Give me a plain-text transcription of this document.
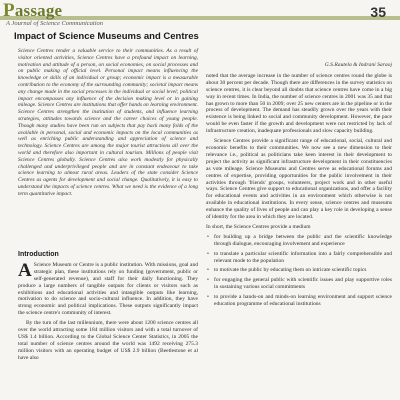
Passage	35
A Journal of Science Communication
Impact of Science Museums and Centres
Science Centres render a valuable service to their communities. As a result of visitor oriented activities, Science Centres have a profound impact on learning, motivation and attitude of a person, on social economies, on social processes and on public making of official level. Personal impact means influencing the knowledge or skills of an individual or group; economic impact is a measurable contribution to the economy of the surrounding community; societal impact means any change made in the social processes in the individual or social level; political impact encompasses any influence of the decision making level or in gaining mileage. Science Centres are institutions that offer hands on learning environment. Science Centres strengthen the institution of students, and influence learning strategies, attitudes towards science and the career choices of young people. Though many studies have been run on subjects that pay back many folds of the available in personal, social and economic impacts on the local communities as well as enriching public understanding and appreciation of science and technology. Science Centres are among the major tourist attractions all over the world and therefore also important in cultural tourism. Millions of people visit Science Centres globally. Science Centres also work modestly for physically challenged and underprivileged people and are in constant endeavour to take science learning to almost rural areas. Leaders of the state consider Science Centres as agents for development and social change. Qualitatively, it is easy to understand the impacts of science centres. What we need is the evidence of a long term quantitative impact.
Introduction

A Science Museum or Centre is a public institution. With missions, goal and strategic plan, these institutions rely on funding (government, public or self-generated revenue), and staff for their daily functioning. They produce a large numbers of tangible outputs for clients or visitors such as exhibitions and educational activities and intangible outputs like learning, motivation to do science and socio-cultural influence. In addition, they have strong economic and political implications. These outputs significantly impact the science centre's community of interest.

By the turn of the last millennium, there were about 1200 science centres all over the world attracting some 184 million visitors and with a total turnover of US$ 1.4 billion. According to the Global Science Center Statistics, in 2005 the total number of science centres around the world was 1492 receiving 275.3 million visitors with an operating budget of US$ 2.9 billion (Beetlestone et al have also

G.S.Rautela & Indrani Saraoj

noted that the average increase in the number of science centres round the globe is about 30 percent per decade. Though there are differences in the survey statistics on science centres, it is clear beyond all doubts that science centres have come in a big way in recent times. In India, the number of science centres in 2001 was 35 and that has grown to more than 50 in 2009; over 25 new centers are in the pipeline or in the process of development. The demand has steadily grown over the years with their existence is being linked to social and community development. However, the pace would be even faster if the growth and development were not restricted by lack of infrastructure creation, inadequate professionals and slow capacity building.

Science Centres provide a significant range of educational, social, cultural and economic benefits to their communities. We now see a new dimension to their relevance i.e., political as politicians take keen interest in their development to project the activity as significant infrastructure development in their constituencies as vote mileage. Science Museums and Centres serve as educational forums and centres of expertise, providing opportunities for the public involvement in their activities through 'friends' groups, volunteers, project work and in other useful ways. Science Centres give support to educational organizations, and offer a facility for educational events and activities in an environment which otherwise is not available in educational institutions. In every sense, science centres and museums enhance the quality of lives of people and can play a key role in developing a sense of identity for the area in which they are located.

In short, the Science Centres provide a medium

• for building up a bridge between the public and the scientific knowledge through dialogue, encouraging involvement and experience
• to translate a particular scientific information into a fairly comprehensible and relevant mode to the population
• to motivate the public by educating them on intricate scientific topics
• for engaging the general public with scientific issues and play supportive roles in sustaining various social commitments
• to provide a hands-on and minds-on learning environment and support science education programme of educational institutions
